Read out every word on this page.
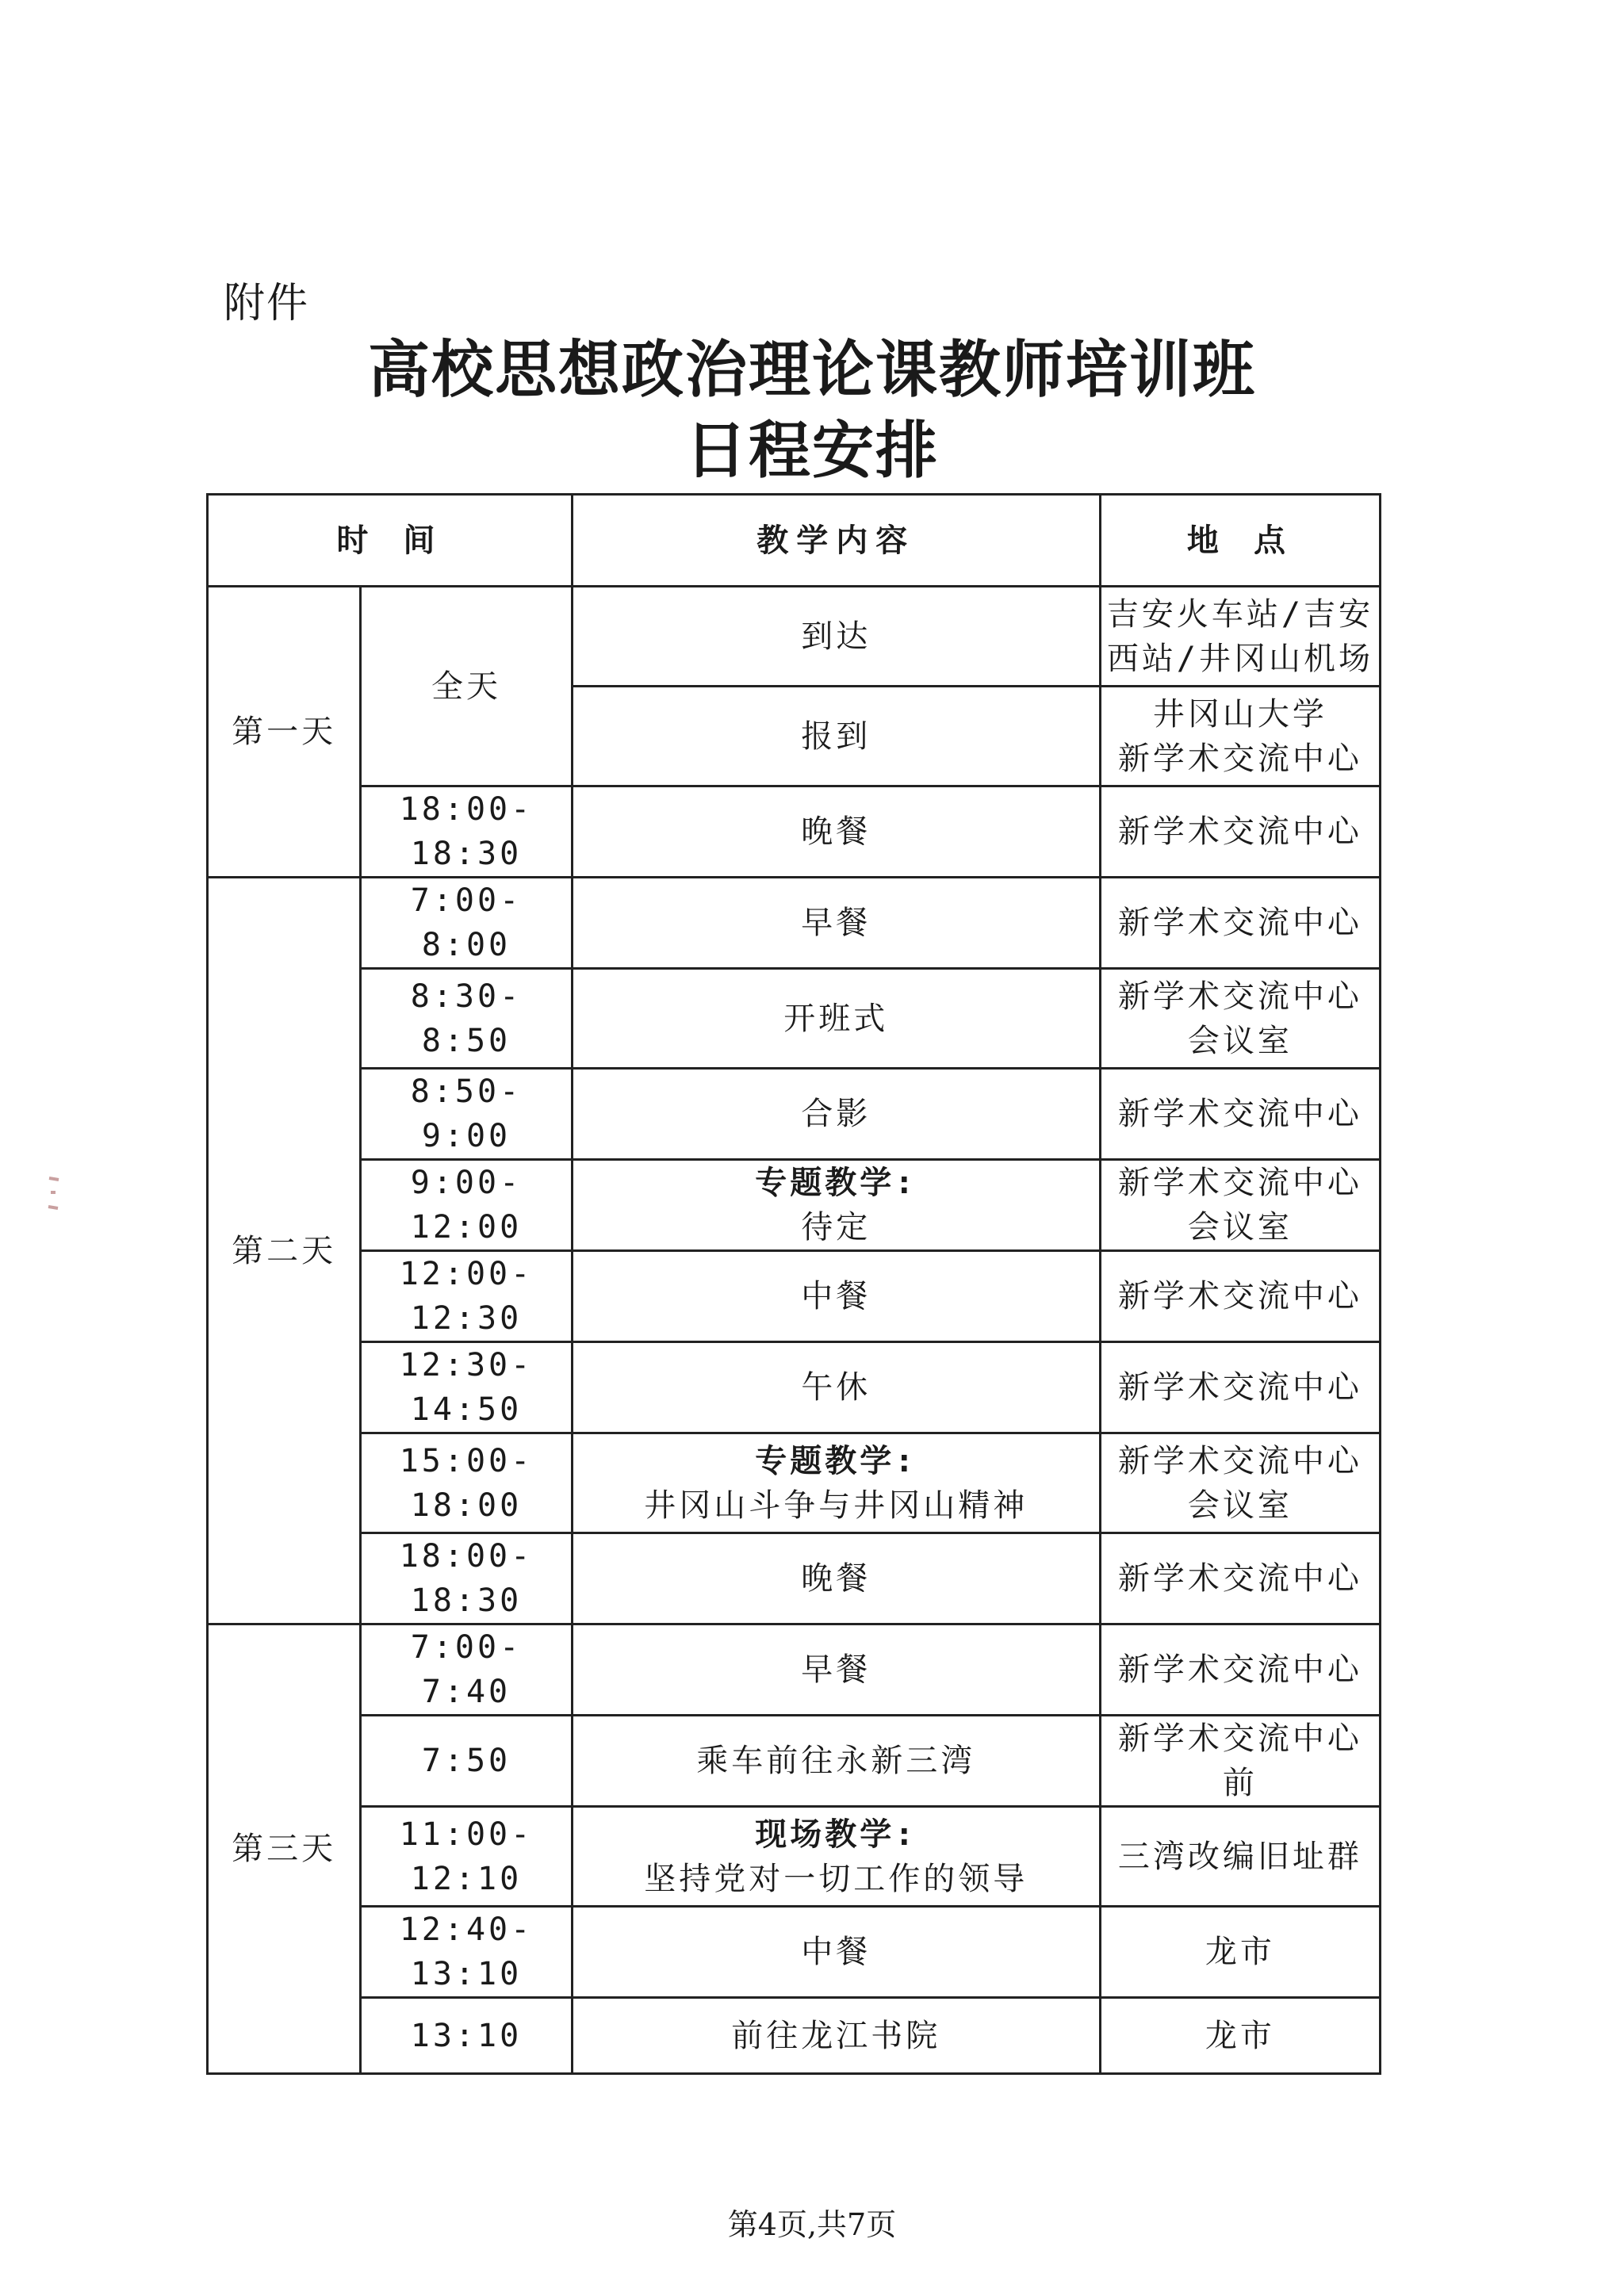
附件
高校思想政治理论课教师培训班
日程安排
时 间		教学内容	地 点
第一天	全天	到达	吉安火车站/吉安
西站/井冈山机场

		报到	井冈山大学
新学术交流中心

	18:00-18:30	晚餐	新学术交流中心
第二天	7:00-8:00	早餐	新学术交流中心
	8:30-8:50	开班式	新学术交流中心
会议室

	8:50-9:00	合影	新学术交流中心
	9:00-12:00	专题教学:
待定	新学术交流中心
会议室

	12:00-12:30	中餐	新学术交流中心
	12:30-14:50	午休	新学术交流中心
	15:00-18:00	专题教学:
井冈山斗争与井冈山精神	新学术交流中心
会议室

	18:00-18:30	晚餐	新学术交流中心
第三天	7:00-7:40	早餐	新学术交流中心
	7:50	乘车前往永新三湾	新学术交流中心
前

	11:00-12:10	现场教学:
坚持党对一切工作的领导	三湾改编旧址群
	12:40-13:10	中餐	龙市
	13:10	前往龙江书院	龙市
第4页,共7页
